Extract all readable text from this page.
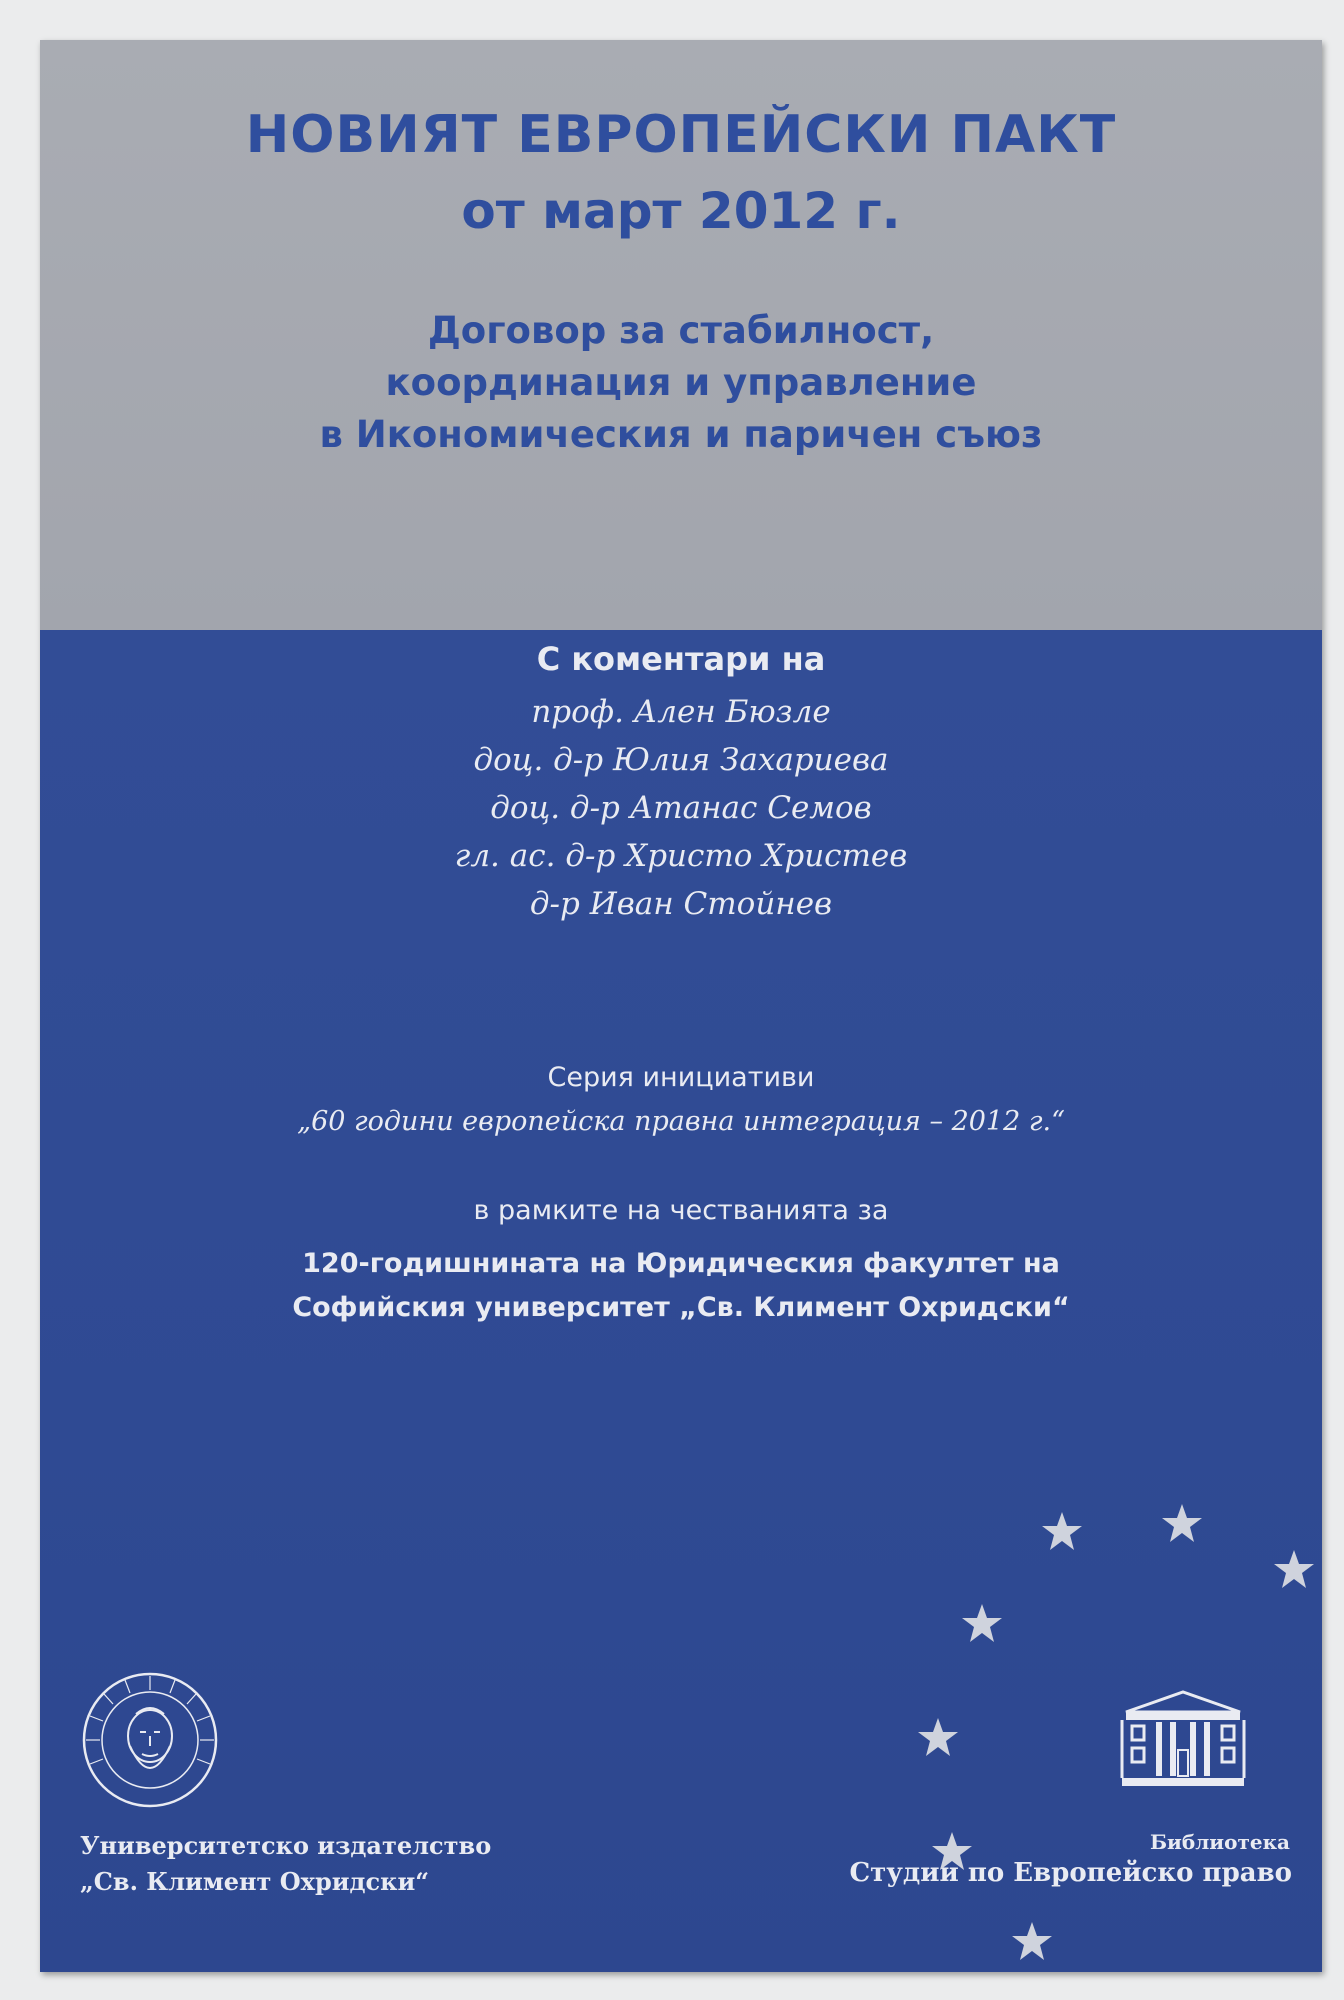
НОВИЯТ ЕВРОПЕЙСКИ ПАКТ
от март 2012 г.
Договор за стабилност,
координация и управление
в Икономическия и паричен съюз
С коментари на
проф. Ален Бюзле
доц. д-р Юлия Захариева
доц. д-р Атанас Семов
гл. ас. д-р Христо Христев
д-р Иван Стойнев
Серия инициативи
„60 години европейска правна интеграция – 2012 г.“
в рамките на честванията за
120-годишнината на Юридическия факултет на
Софийския университет „Св. Климент Охридски“
Университетско издателство
„Св. Климент Охридски“
Библиотека
Студии по Европейско право
